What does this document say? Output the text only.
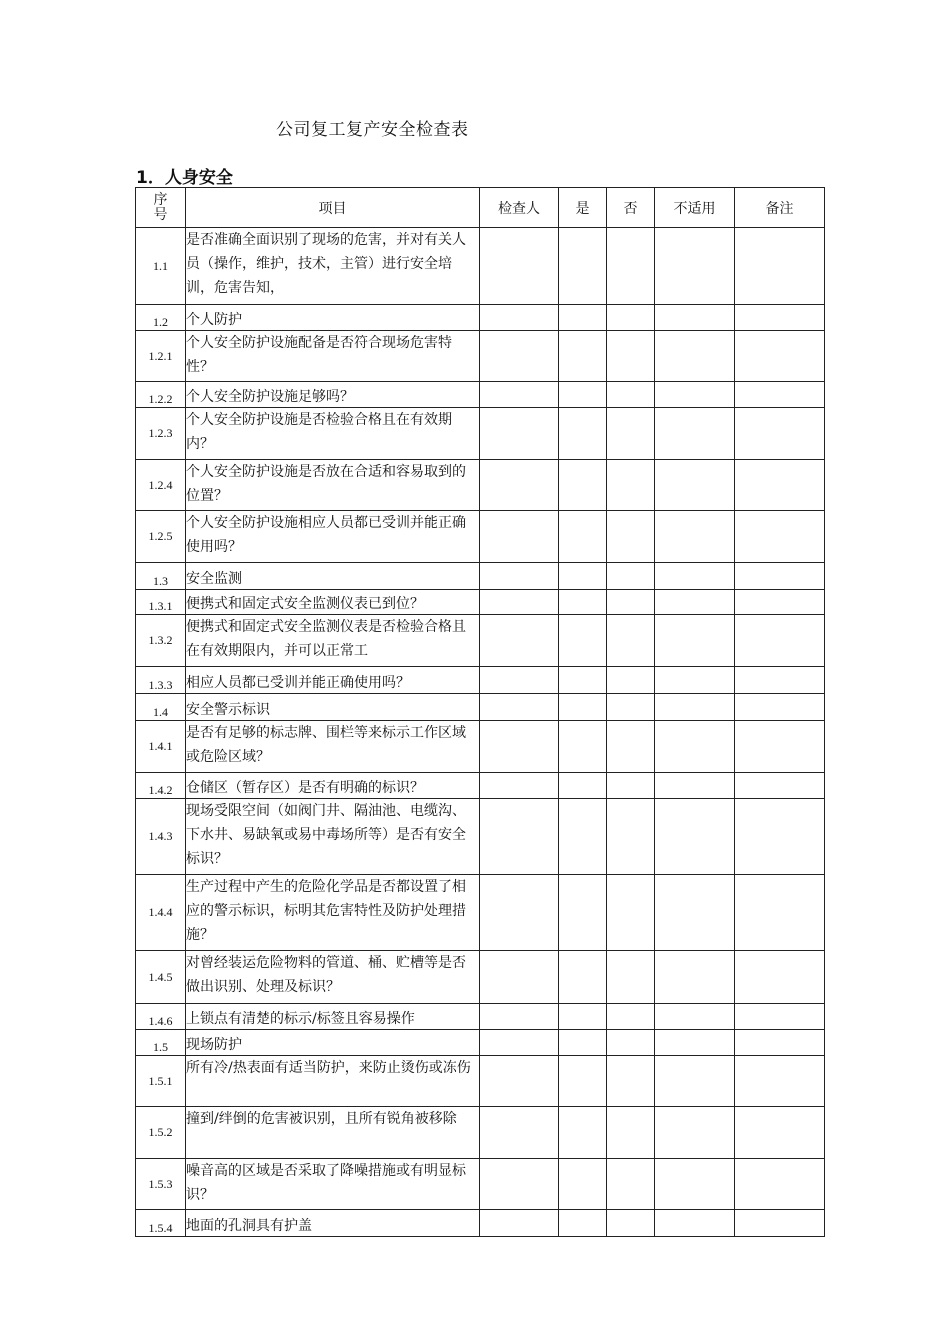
公司复工复产安全检查表
1．人身安全
序号	项目	检查人	是	否	不适用	备注
1.1	是否准确全面识别了现场的危害，并对有关人员（操作，维护，技术，主管）进行安全培训，危害告知，					
1.2	个人防护					
1.2.1	个人安全防护设施配备是否符合现场危害特性？					
1.2.2	个人安全防护设施足够吗？					
1.2.3	个人安全防护设施是否检验合格且在有效期内？					
1.2.4	个人安全防护设施是否放在合适和容易取到的位置？					
1.2.5	个人安全防护设施相应人员都已受训并能正确使用吗？					
1.3	安全监测					
1.3.1	便携式和固定式安全监测仪表已到位？					
1.3.2	便携式和固定式安全监测仪表是否检验合格且在有效期限内，并可以正常工					
1.3.3	相应人员都已受训并能正确使用吗？					
1.4	安全警示标识					
1.4.1	是否有足够的标志牌、围栏等来标示工作区域或危险区域？					
1.4.2	仓储区（暂存区）是否有明确的标识？					
1.4.3	现场受限空间（如阀门井、隔油池、电缆沟、下水井、易缺氧或易中毒场所等）是否有安全标识？					
1.4.4	生产过程中产生的危险化学品是否都设置了相应的警示标识，标明其危害特性及防护处理措施？					
1.4.5	对曾经装运危险物料的管道、桶、贮槽等是否做出识别、处理及标识？					
1.4.6	上锁点有清楚的标示/标签且容易操作					
1.5	现场防护					
1.5.1	所有冷/热表面有适当防护，来防止烫伤或冻伤					
1.5.2	撞到/绊倒的危害被识别，且所有锐角被移除					
1.5.3	噪音高的区域是否采取了降噪措施或有明显标识？					
1.5.4	地面的孔洞具有护盖					
